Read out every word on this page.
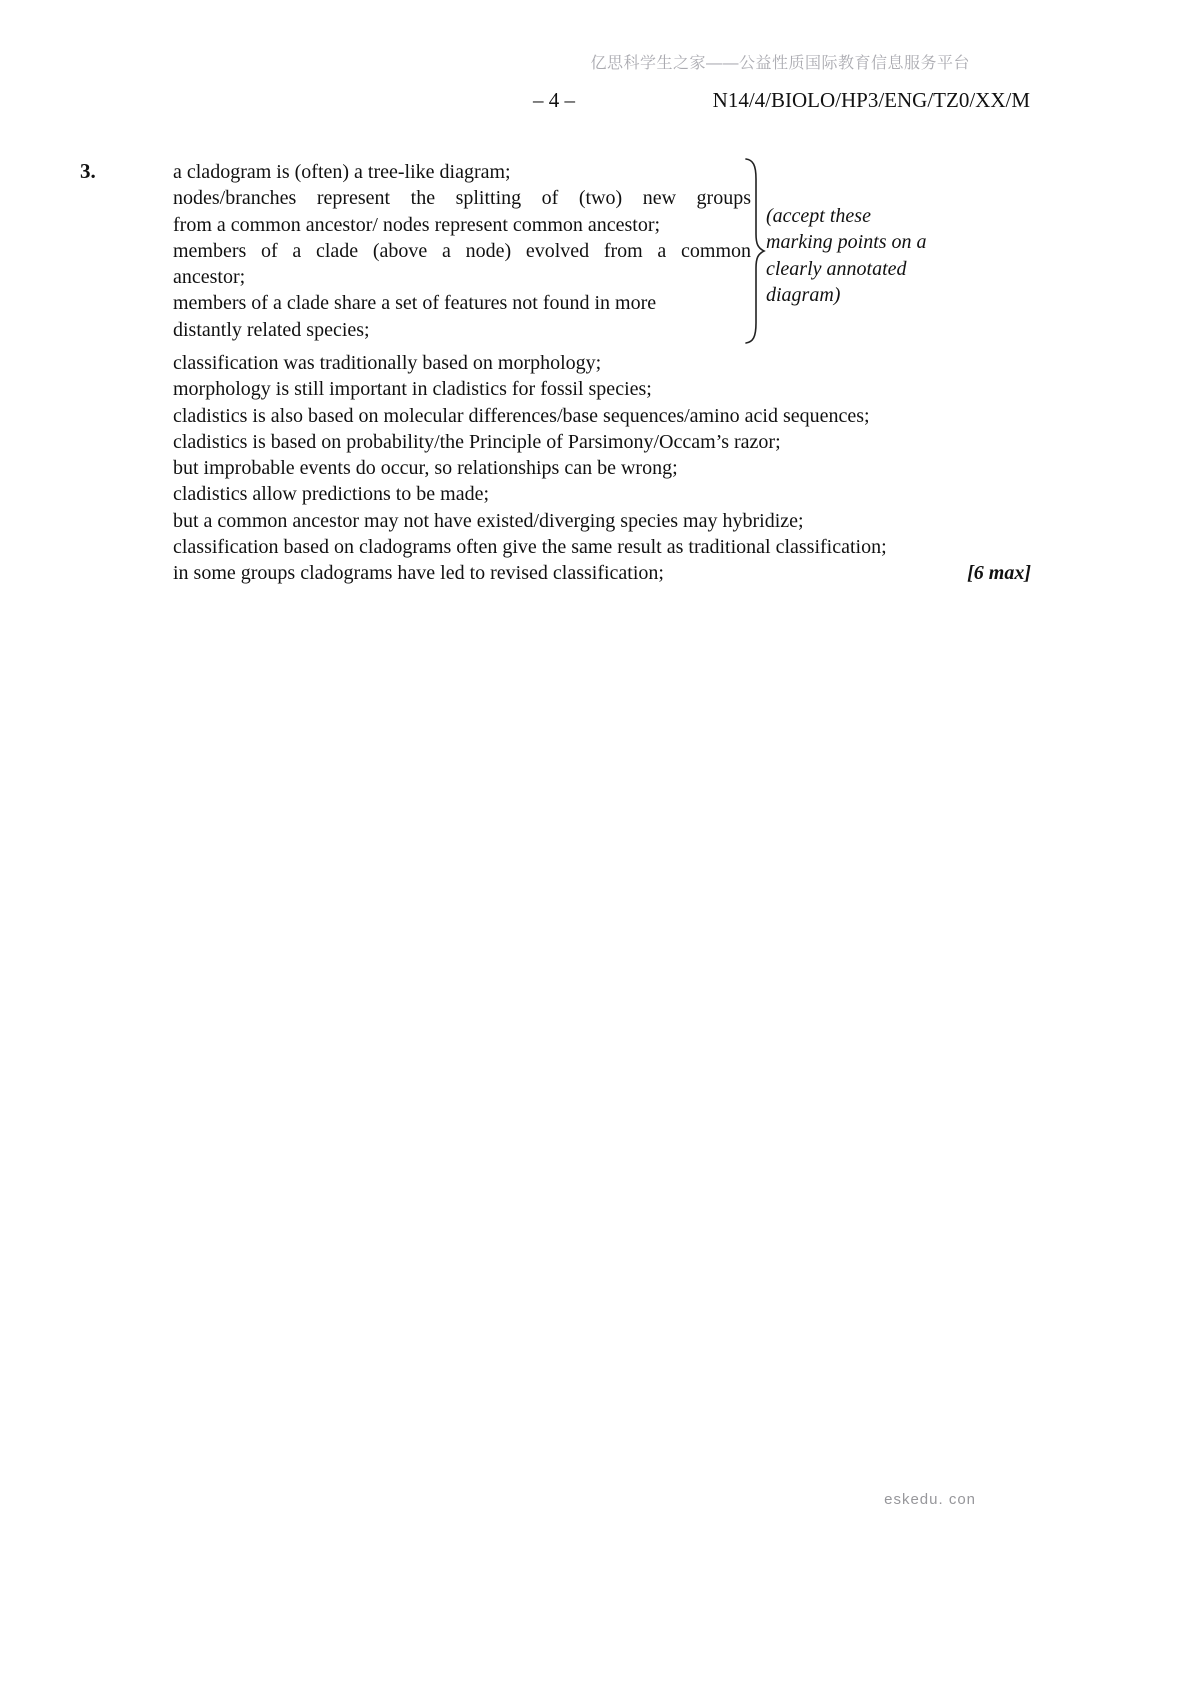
亿思科学生之家——公益性质国际教育信息服务平台
– 4 –	N14/4/BIOLO/HP3/ENG/TZ0/XX/M
3.	a cladogram is (often) a tree-like diagram;
nodes/branches represent the splitting of (two) new groups
from a common ancestor/ nodes represent common ancestor;
members of a clade (above a node) evolved from a common
ancestor;
members of a clade share a set of features not found in more
distantly related species;
(accept these
marking points on a
clearly annotated
diagram)
classification was traditionally based on morphology;
morphology is still important in cladistics for fossil species;
cladistics is also based on molecular differences/base sequences/amino acid sequences;
cladistics is based on probability/the Principle of Parsimony/Occam’s razor;
but improbable events do occur, so relationships can be wrong;
cladistics allow predictions to be made;
but a common ancestor may not have existed/diverging species may hybridize;
classification based on cladograms often give the same result as traditional classification;
in some groups cladograms have led to revised classification;	[6 max]
eskedu. con
